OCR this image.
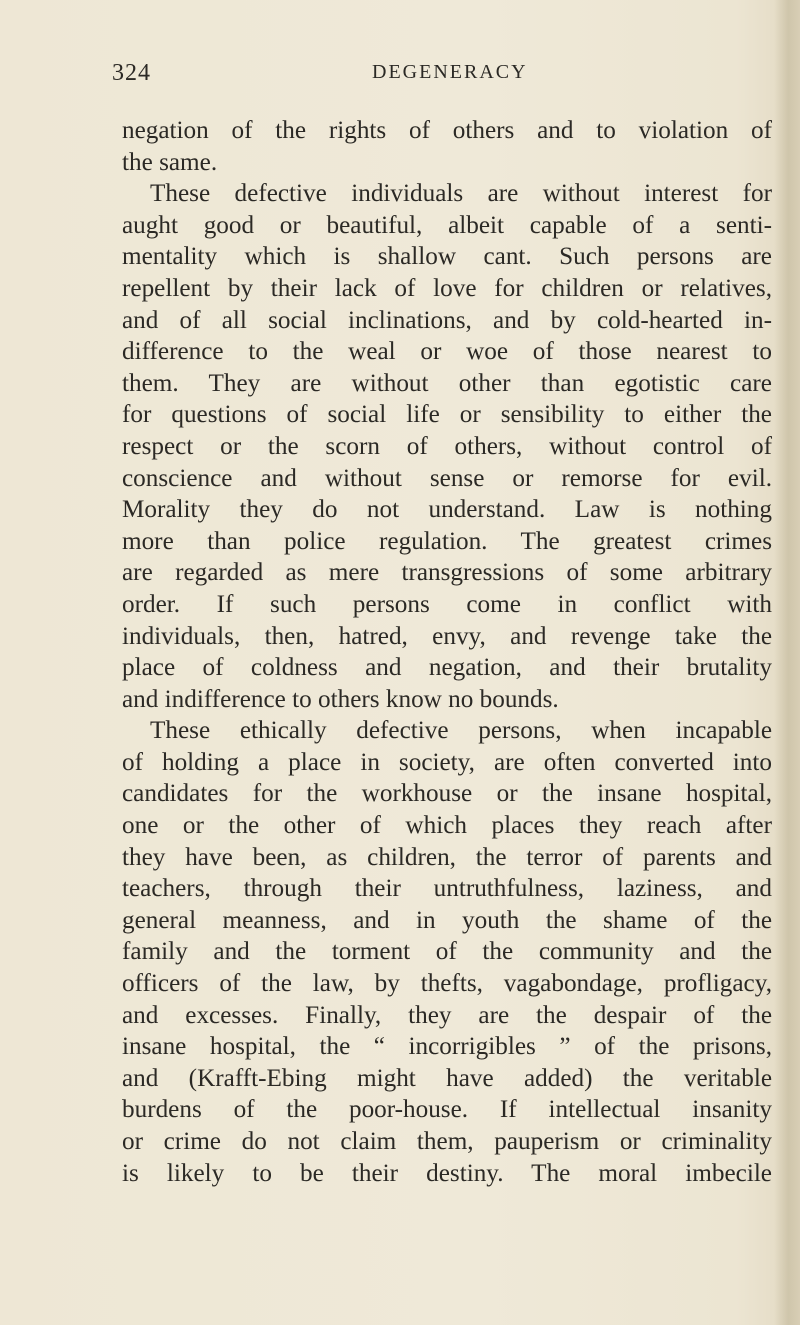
324	DEGENERACY
negation of the rights of others and to violation of
the same.
These defective individuals are without interest for
aught good or beautiful, albeit capable of a senti-
mentality which is shallow cant. Such persons are
repellent by their lack of love for children or relatives,
and of all social inclinations, and by cold-hearted in-
difference to the weal or woe of those nearest to
them. They are without other than egotistic care
for questions of social life or sensibility to either the
respect or the scorn of others, without control of
conscience and without sense or remorse for evil.
Morality they do not understand. Law is nothing
more than police regulation. The greatest crimes
are regarded as mere transgressions of some arbitrary
order. If such persons come in conflict with
individuals, then, hatred, envy, and revenge take the
place of coldness and negation, and their brutality
and indifference to others know no bounds.
These ethically defective persons, when incapable
of holding a place in society, are often converted into
candidates for the workhouse or the insane hospital,
one or the other of which places they reach after
they have been, as children, the terror of parents and
teachers, through their untruthfulness, laziness, and
general meanness, and in youth the shame of the
family and the torment of the community and the
officers of the law, by thefts, vagabondage, profligacy,
and excesses. Finally, they are the despair of the
insane hospital, the “ incorrigibles ” of the prisons,
and (Krafft-Ebing might have added) the veritable
burdens of the poor-house. If intellectual insanity
or crime do not claim them, pauperism or criminality
is likely to be their destiny. The moral imbecile
